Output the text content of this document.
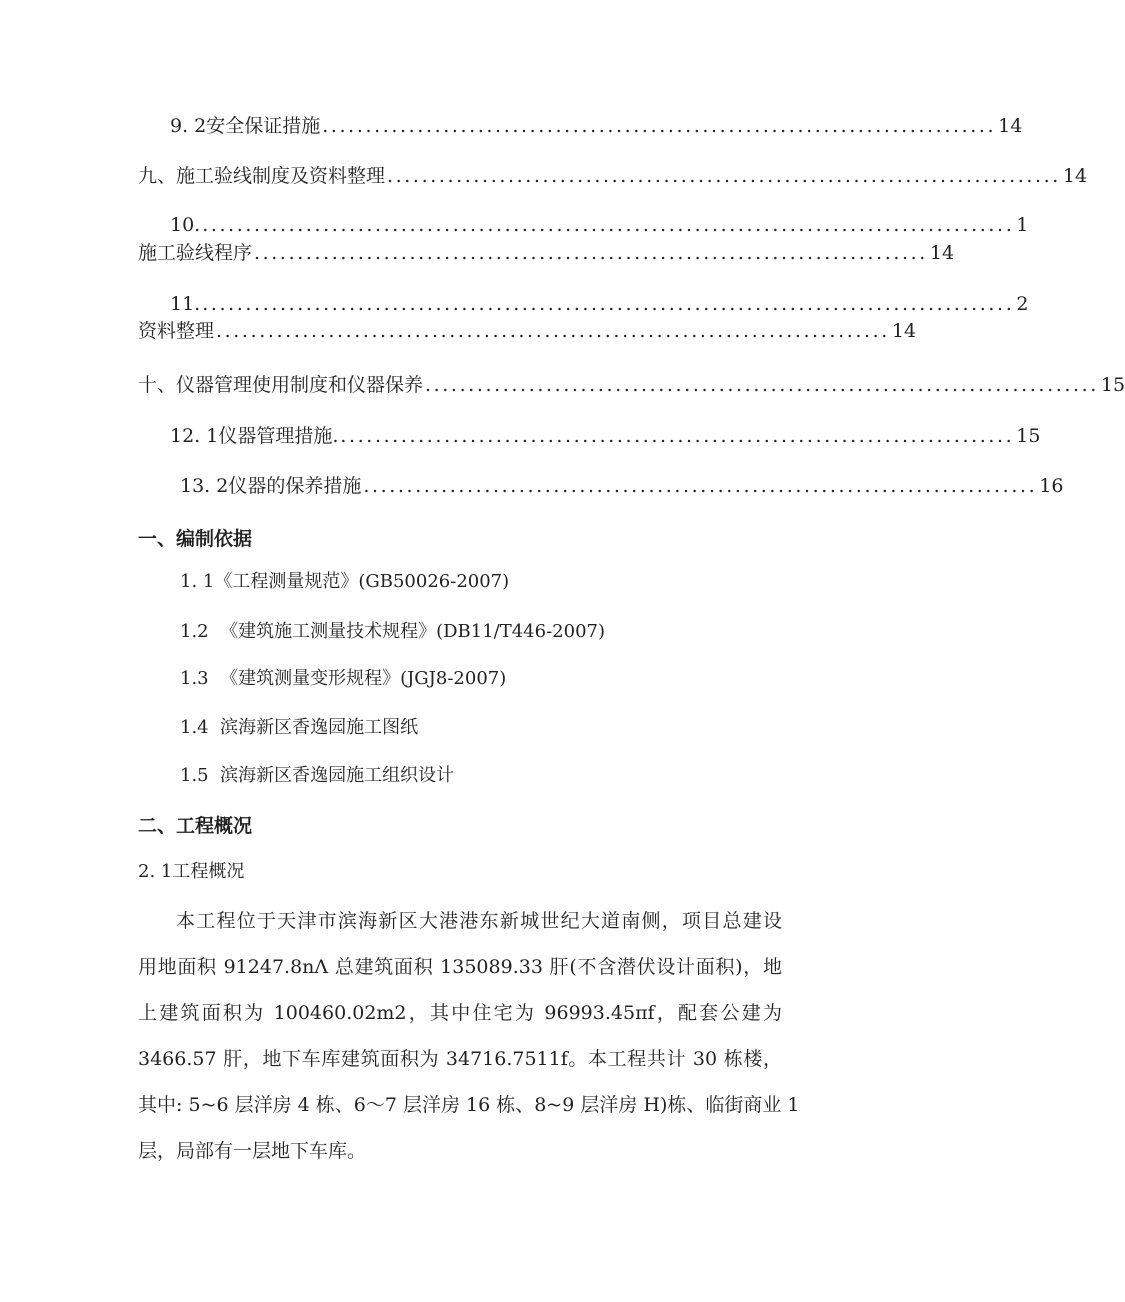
9. 2安全保证措施 .............................................................................. 14
九、施工验线制度及资料整理 .............................................................................. 14
10. .............................................................................................. 1
施工验线程序 .............................................................................. 14
11. .............................................................................................. 2
资料整理 .............................................................................. 14
十、仪器管理使用制度和仪器保养 .............................................................................. 15
12. 1仪器管理措施. .............................................................................. 15
13. 2仪器的保养措施 .............................................................................. 16
一、编制依据
1. 1《工程测量规范》(GB50026-2007)
1.2  《建筑施工测量技术规程》(DB11/T446-2007)
1.3  《建筑测量变形规程》(JGJ8-2007)
1.4  滨海新区香逸园施工图纸
1.5  滨海新区香逸园施工组织设计
二、工程概况
2. 1工程概况
本工程位于天津市滨海新区大港港东新城世纪大道南侧，项目总建设
用地面积 91247.8nΛ 总建筑面积 135089.33 肝(不含潜伏设计面积)，地
上建筑面积为 100460.02m2，其中住宅为 96993.45πf，配套公建为
3466.57 肝，地下车库建筑面积为 34716.7511f。本工程共计 30 栋楼，
其中: 5~6 层洋房 4 栋、6～7 层洋房 16 栋、8~9 层洋房 H)栋、临街商业 1
层，局部有一层地下车库。
